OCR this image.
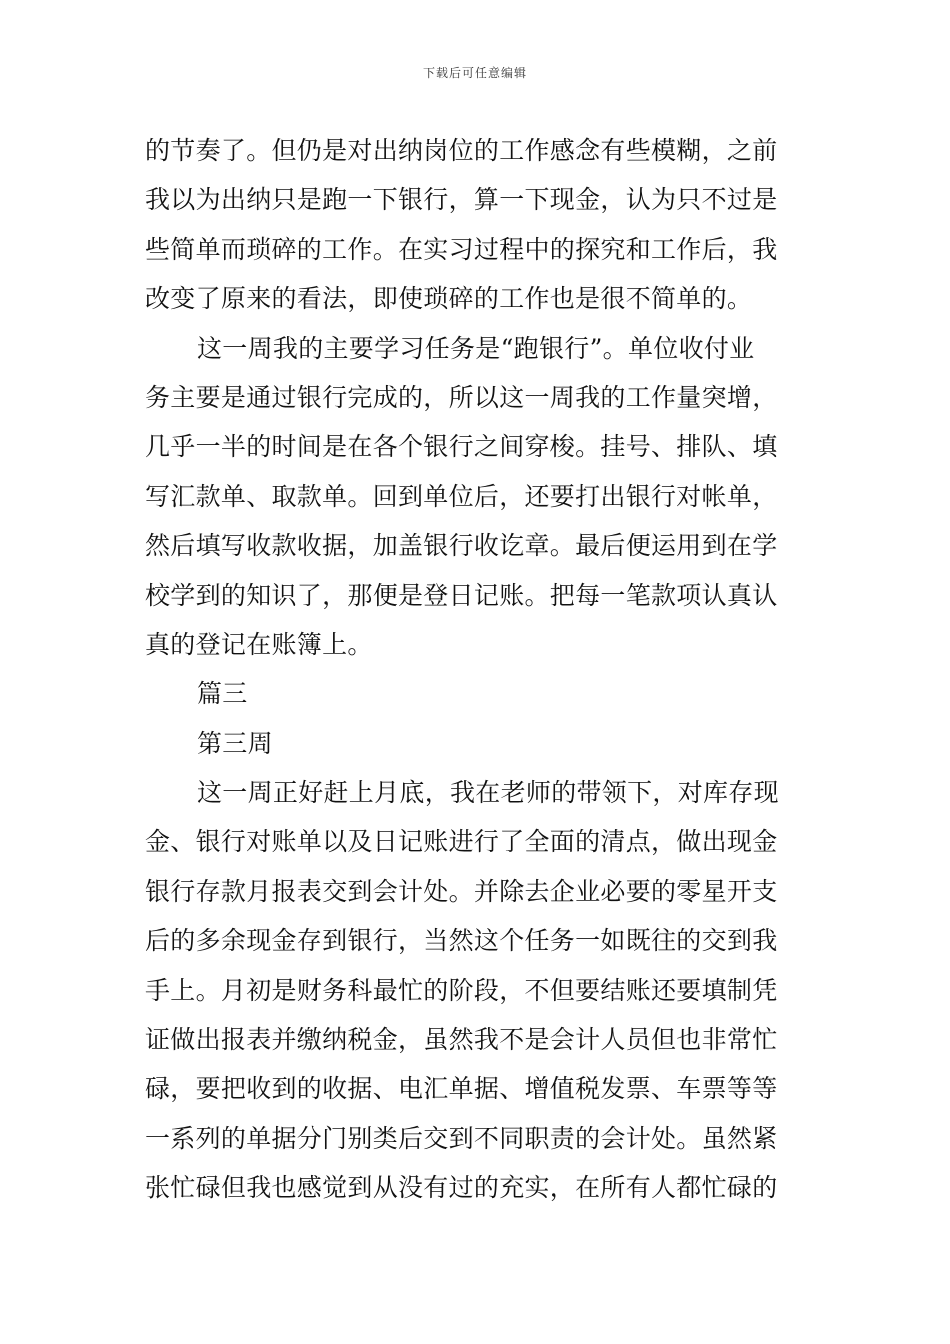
下载后可任意编辑
的节奏了。但仍是对出纳岗位的工作感念有些模糊，之前
我以为出纳只是跑一下银行，算一下现金，认为只不过是
些简单而琐碎的工作。在实习过程中的探究和工作后，我
改变了原来的看法，即使琐碎的工作也是很不简单的。
这一周我的主要学习任务是“跑银行”。单位收付业
务主要是通过银行完成的，所以这一周我的工作量突增，
几乎一半的时间是在各个银行之间穿梭。挂号、排队、填
写汇款单、取款单。回到单位后，还要打出银行对帐单，
然后填写收款收据，加盖银行收讫章。最后便运用到在学
校学到的知识了，那便是登日记账。把每一笔款项认真认
真的登记在账簿上。
篇三
第三周
这一周正好赶上月底，我在老师的带领下，对库存现
金、银行对账单以及日记账进行了全面的清点，做出现金
银行存款月报表交到会计处。并除去企业必要的零星开支
后的多余现金存到银行，当然这个任务一如既往的交到我
手上。月初是财务科最忙的阶段，不但要结账还要填制凭
证做出报表并缴纳税金，虽然我不是会计人员但也非常忙
碌，要把收到的收据、电汇单据、增值税发票、车票等等
一系列的单据分门别类后交到不同职责的会计处。虽然紧
张忙碌但我也感觉到从没有过的充实，在所有人都忙碌的
